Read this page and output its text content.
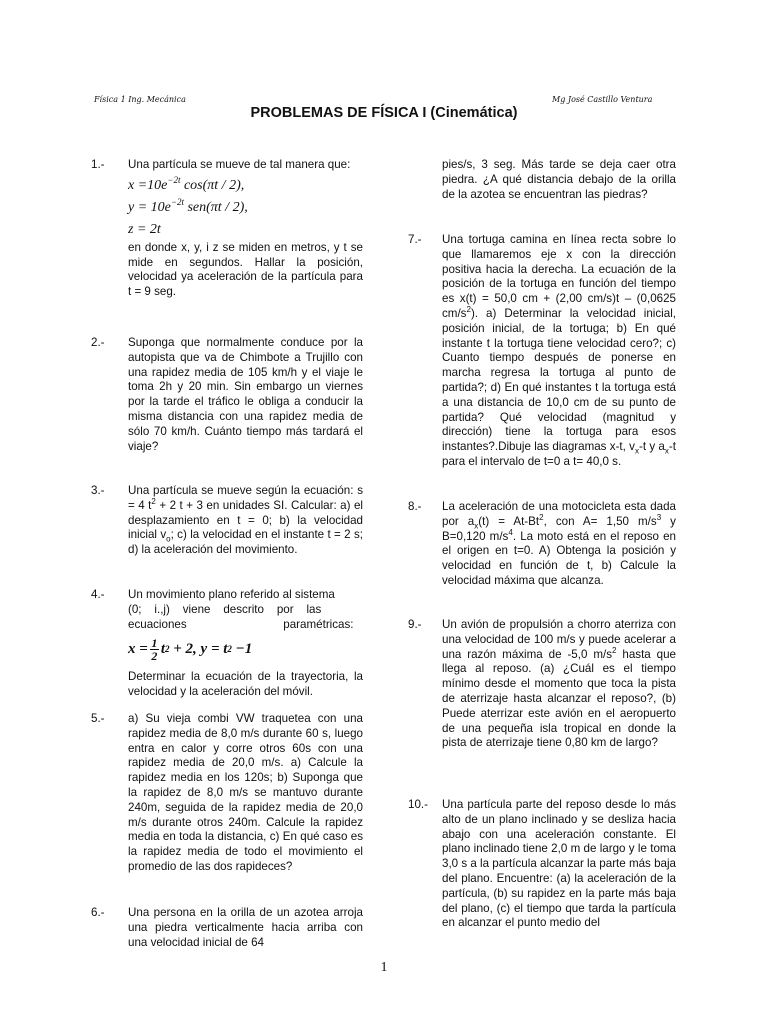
Física 1 Ing. Mecánica	Mg José Castillo Ventura
PROBLEMAS DE FÍSICA I (Cinemática)
1.- Una partícula se mueve de tal manera que:

$x =10e^{-2t}$ cos(πt / 2),
$y = 10e^{-2t}$ sen(πt / 2),
z = 2t

en donde x, y, i z se miden en metros, y t se mide en segundos. Hallar la posición, velocidad ya aceleración de la partícula para t = 9 seg.

2.- Suponga que normalmente conduce por la autopista que va de Chimbote a Trujillo con una rapidez media de 105 km/h y el viaje le toma 2h y 20 min. Sin embargo un viernes por la tarde el tráfico le obliga a conducir la misma distancia con una rapidez media de sólo 70 km/h. Cuánto tiempo más tardará el viaje?
3.- Una partícula se mueve según la ecuación: s = 4 $t^2 + 2$ t + 3 en unidades SI. Calcular: a) el desplazamiento en t = 0; b) la velocidad inicial $v_o$; c) la velocidad en el instante t = 2 s; d) la aceleración del movimiento.
4.- Un movimiento plano referido al sistema

(0;    i.,j)    viene    descrito    por    las

ecuaciones                              paramétricas:

$x = \frac{1}{2}$ t 2 + 2, y = t 2 −1

Determinar la ecuación de la trayectoria, la velocidad y la aceleración del móvil.

5.- a) Su vieja combi VW traquetea con una rapidez media de 8,0 m/s durante 60 s, luego entra en calor y corre otros 60s con una rapidez media de 20,0 m/s. a) Calcule la rapidez media en los 120s; b) Suponga que la rapidez de 8,0 m/s se mantuvo durante 240m, seguida de la rapidez media de 20,0 m/s durante otros 240m. Calcule la rapidez media en toda la distancia, c) En qué caso es la rapidez media de todo el movimiento el promedio de las dos rapideces?
6.- Una persona en la orilla de un azotea arroja una piedra verticalmente hacia arriba con una velocidad inicial de 64
pies/s, 3 seg. Más tarde se deja caer otra piedra. ¿A qué distancia debajo de la orilla de la azotea se encuentran las piedras?
7.- Una tortuga camina en línea recta sobre lo que llamaremos eje x con la dirección positiva hacia la derecha. La ecuación de la posición de la tortuga en función del tiempo es x(t) = 50,0 cm + (2,00 cm/s)t – (0,0625 $cm/s^2$). a) Determinar la velocidad inicial, posición inicial, de la tortuga; b) En qué instante t la tortuga tiene velocidad cero?; c) Cuanto tiempo después de ponerse en marcha regresa la tortuga al punto de partida?; d) En qué instantes t la tortuga está a una distancia de 10,0 cm de su punto de partida? Qué velocidad (magnitud y dirección) tiene la tortuga para esos instantes?.Dibuje las diagramas x-t, $v_x-t$ y $a_x-t$ para el intervalo de t=0 a t= 40,0 s.
8.- La aceleración de una motocicleta esta dada por $a_x(t) = At-Bt^2$, con A= 1,50 $m/s^3$ y B=0,120 $m/s^4$. La moto está en el reposo en el origen en t=0. A) Obtenga la posición y velocidad en función de t, b) Calcule la velocidad máxima que alcanza.
9.- Un avión de propulsión a chorro aterriza con una velocidad de 100 m/s y puede acelerar a una razón máxima de -5,0 $m/s^2$ hasta que llega al reposo. (a) ¿Cuál es el tiempo mínimo desde el momento que toca la pista de aterrizaje hasta alcanzar el reposo?, (b) Puede aterrizar este avión en el aeropuerto de una pequeña isla tropical en donde la pista de aterrizaje tiene 0,80 km de largo?
10.- Una partícula parte del reposo desde lo más alto de un plano inclinado y se desliza hacia abajo con una aceleración constante. El plano inclinado tiene 2,0 m de largo y le toma 3,0 s a la partícula alcanzar la parte más baja del plano. Encuentre: (a) la aceleración de la partícula, (b) su rapidez en la parte más baja del plano, (c) el tiempo que tarda la partícula en alcanzar el punto medio del
1
